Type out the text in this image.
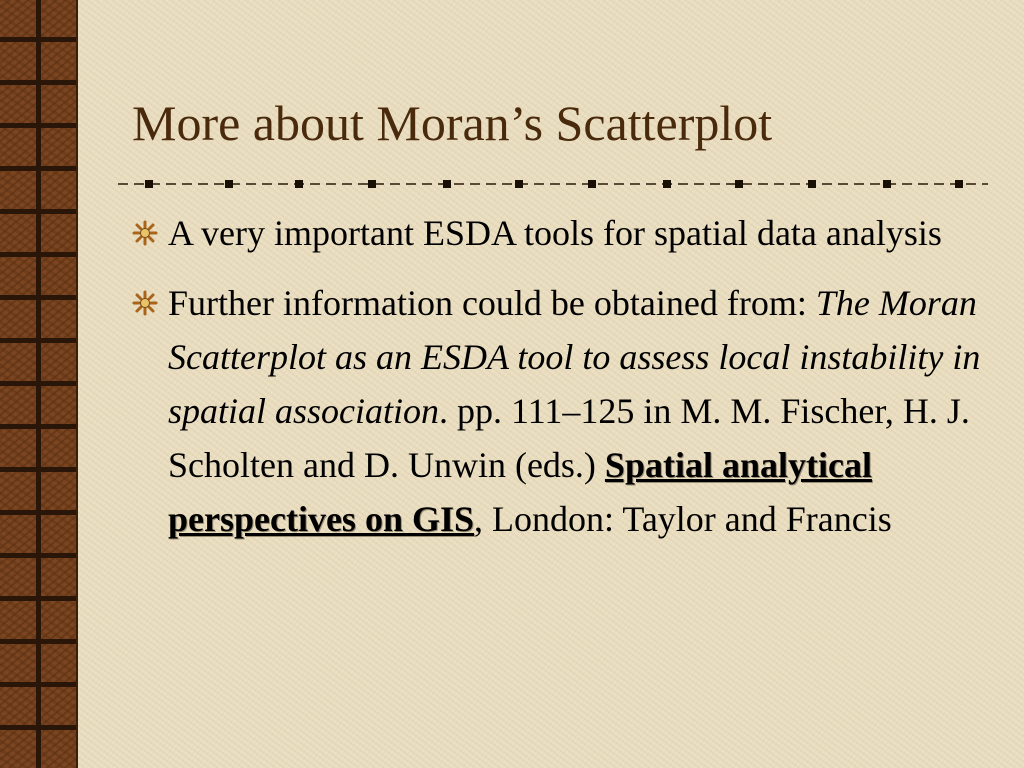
More about Moran’s Scatterplot
A very important ESDA tools for spatial data analysis
Further information could be obtained from: The Moran Scatterplot as an ESDA tool to assess local instability in spatial association. pp. 111–125 in M. M. Fischer, H. J. Scholten and D. Unwin (eds.) Spatial analytical perspectives on GIS, London: Taylor and Francis
